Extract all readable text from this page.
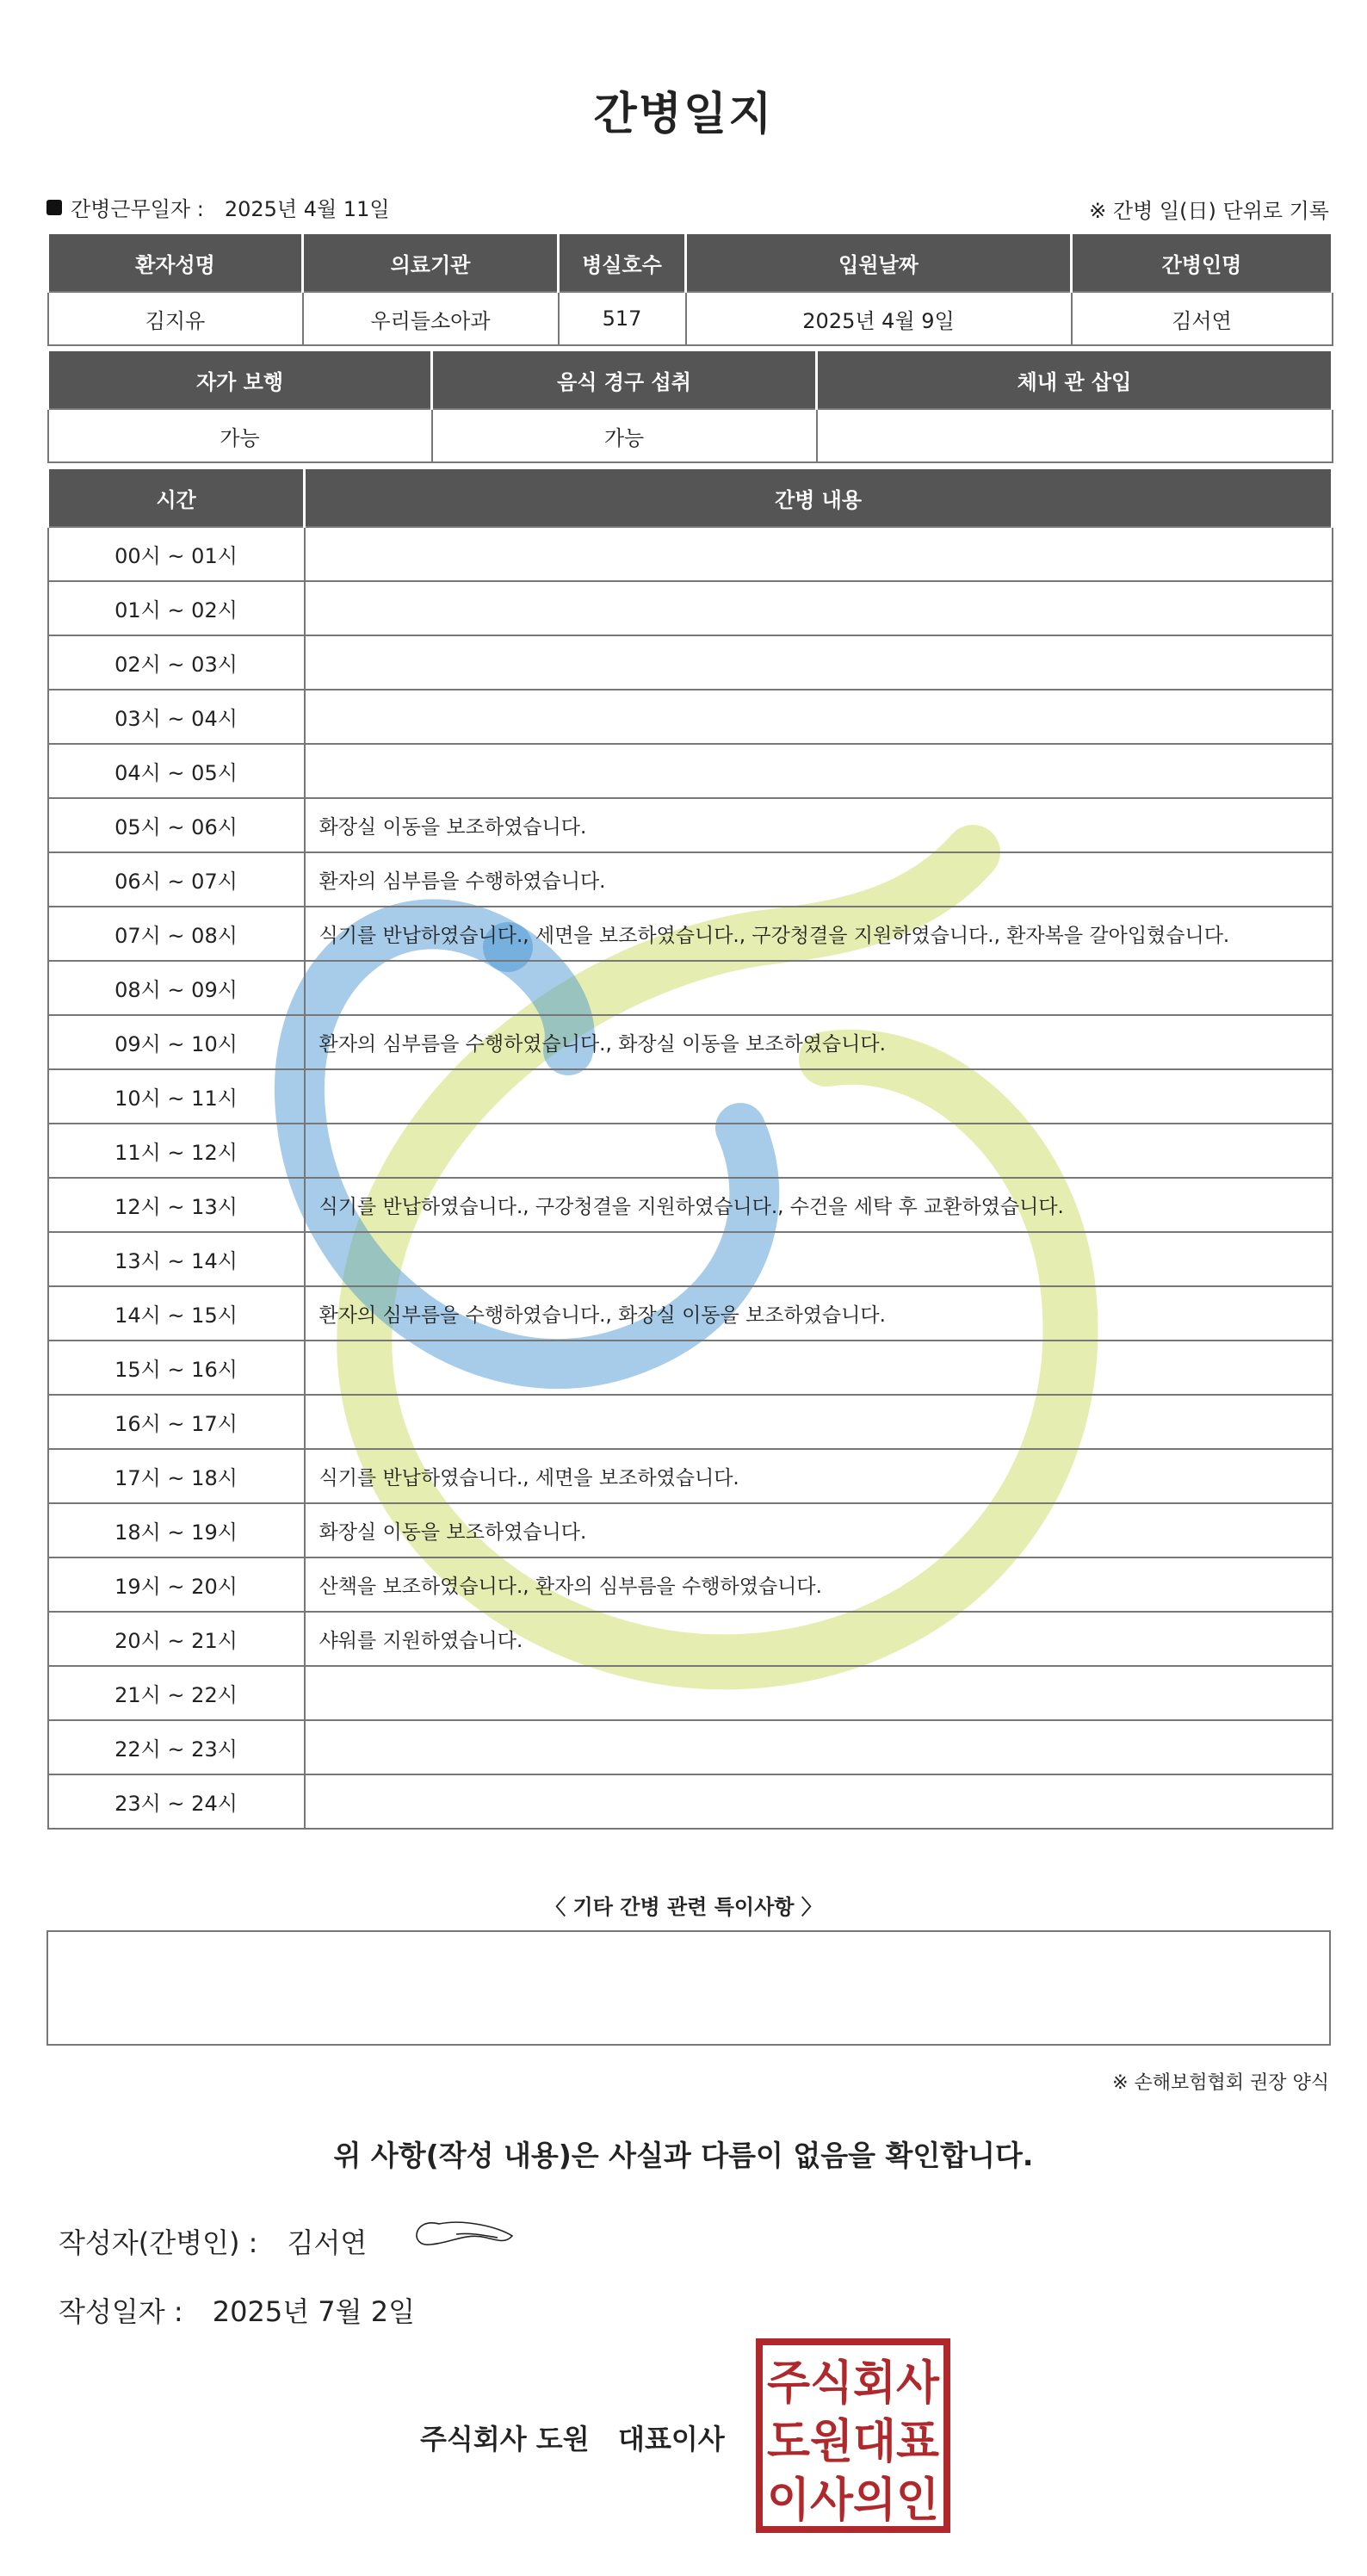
간병일지
간병근무일자 : 2025년 4월 11일	※ 간병 일(日) 단위로 기록
환자성명	의료기관	병실호수	입원날짜	간병인명
김지유	우리들소아과	517	2025년 4월 9일	김서연
자가 보행	음식 경구 섭취	체내 관 삽입
가능	가능	
시간	간병 내용
00시 ~ 01시	
01시 ~ 02시	
02시 ~ 03시	
03시 ~ 04시	
04시 ~ 05시	
05시 ~ 06시	화장실 이동을 보조하였습니다.
06시 ~ 07시	환자의 심부름을 수행하였습니다.
07시 ~ 08시	식기를 반납하였습니다., 세면을 보조하였습니다., 구강청결을 지원하였습니다., 환자복을 갈아입혔습니다.
08시 ~ 09시	
09시 ~ 10시	환자의 심부름을 수행하였습니다., 화장실 이동을 보조하였습니다.
10시 ~ 11시	
11시 ~ 12시	
12시 ~ 13시	식기를 반납하였습니다., 구강청결을 지원하였습니다., 수건을 세탁 후 교환하였습니다.
13시 ~ 14시	
14시 ~ 15시	환자의 심부름을 수행하였습니다., 화장실 이동을 보조하였습니다.
15시 ~ 16시	
16시 ~ 17시	
17시 ~ 18시	식기를 반납하였습니다., 세면을 보조하였습니다.
18시 ~ 19시	화장실 이동을 보조하였습니다.
19시 ~ 20시	산책을 보조하였습니다., 환자의 심부름을 수행하였습니다.
20시 ~ 21시	샤워를 지원하였습니다.
21시 ~ 22시	
22시 ~ 23시	
23시 ~ 24시	
〈 기타 간병 관련 특이사항 〉
※ 손해보험협회 권장 양식
위 사항(작성 내용)은 사실과 다름이 없음을 확인합니다.
작성자(간병인) : 김서연
작성일자 : 2025년 7월 2일
주식회사 도원   대표이사
주식회사
도원대표
이사의인
